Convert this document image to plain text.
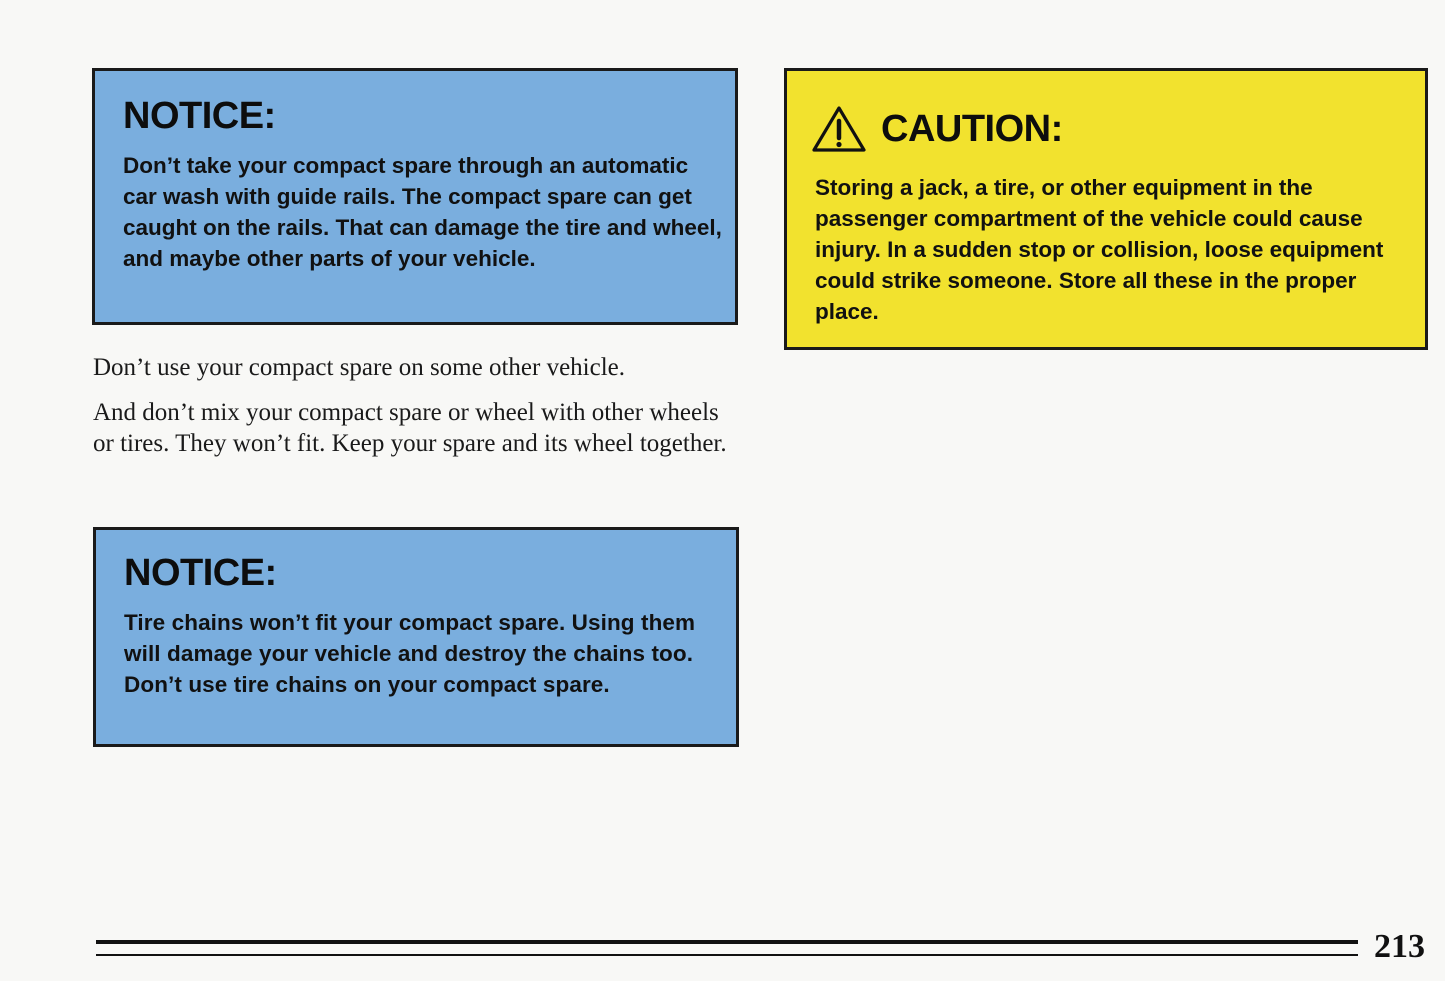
NOTICE:

Don’t take your compact spare through an automatic car wash with guide rails. The compact spare can get caught on the rails. That can damage the tire and wheel, and maybe other parts of your vehicle.

Don’t use your compact spare on some other vehicle.

And don’t mix your compact spare or wheel with other wheels or tires. They won’t fit. Keep your spare and its wheel together.

NOTICE:

Tire chains won’t fit your compact spare. Using them will damage your vehicle and destroy the chains too. Don’t use tire chains on your compact spare.

CAUTION:

Storing a jack, a tire, or other equipment in the passenger compartment of the vehicle could cause injury. In a sudden stop or collision, loose equipment could strike someone. Store all these in the proper place.

213
